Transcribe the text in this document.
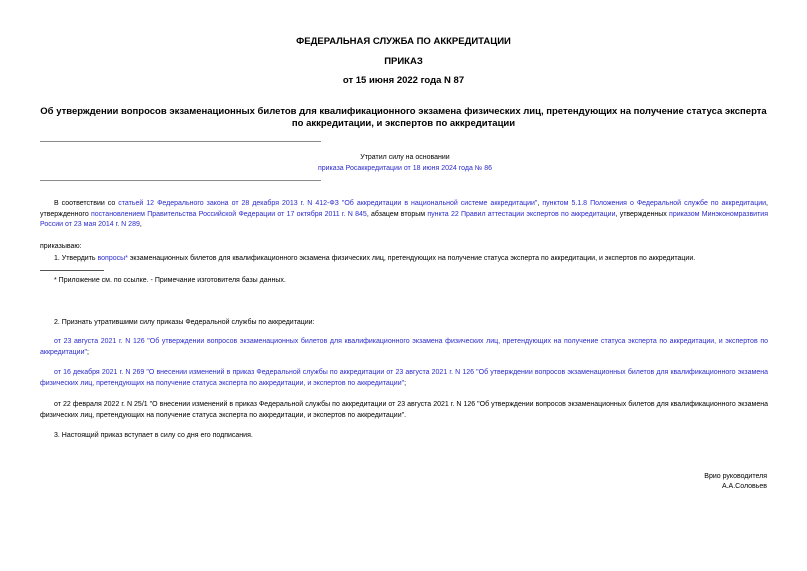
ФЕДЕРАЛЬНАЯ СЛУЖБА ПО АККРЕДИТАЦИИ
ПРИКАЗ
от 15 июня 2022 года N 87
Об утверждении вопросов экзаменационных билетов для квалификационного экзамена физических лиц, претендующих на получение статуса эксперта по аккредитации, и экспертов по аккредитации
Утратил силу на основании
приказа Росаккредитации от 18 июня 2024 года № 86
В соответствии со статьей 12 Федерального закона от 28 декабря 2013 г. N 412-ФЗ "Об аккредитации в национальной системе аккредитации", пунктом 5.1.8 Положения о Федеральной службе по аккредитации, утвержденного постановлением Правительства Российской Федерации от 17 октября 2011 г. N 845, абзацем вторым пункта 22 Правил аттестации экспертов по аккредитации, утвержденных приказом Минэкономразвития России от 23 мая 2014 г. N 289,
приказываю:
1. Утвердить вопросы* экзаменационных билетов для квалификационного экзамена физических лиц, претендующих на получение статуса эксперта по аккредитации, и экспертов по аккредитации.
* Приложение см. по ссылке. - Примечание изготовителя базы данных.
2. Признать утратившими силу приказы Федеральной службы по аккредитации:
от 23 августа 2021 г. N 126 "Об утверждении вопросов экзаменационных билетов для квалификационного экзамена физических лиц, претендующих на получение статуса эксперта по аккредитации, и экспертов по аккредитации";
от 16 декабря 2021 г. N 269 "О внесении изменений в приказ Федеральной службы по аккредитации от 23 августа 2021 г. N 126 "Об утверждении вопросов экзаменационных билетов для квалификационного экзамена физических лиц, претендующих на получение статуса эксперта по аккредитации, и экспертов по аккредитации";
от 22 февраля 2022 г. N 25/1 "О внесении изменений в приказ Федеральной службы по аккредитации от 23 августа 2021 г. N 126 "Об утверждении вопросов экзаменационных билетов для квалификационного экзамена физических лиц, претендующих на получение статуса эксперта по аккредитации, и экспертов по аккредитации".
3. Настоящий приказ вступает в силу со дня его подписания.
Врио руководителя
А.А.Соловьев
